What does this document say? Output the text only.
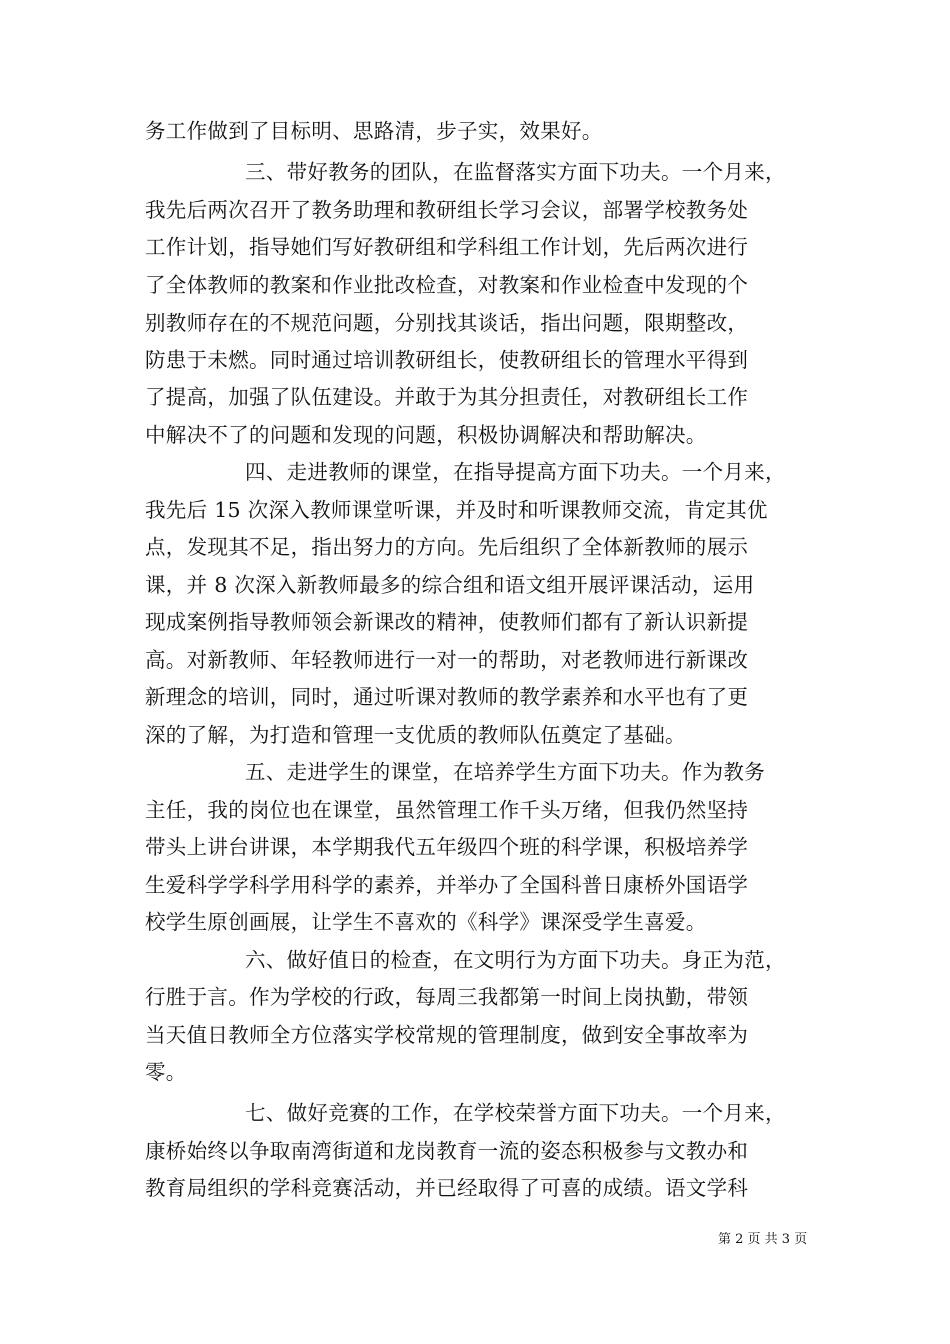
务工作做到了目标明、思路清，步子实，效果好。
三、带好教务的团队，在监督落实方面下功夫。一个月来，
我先后两次召开了教务助理和教研组长学习会议，部署学校教务处
工作计划，指导她们写好教研组和学科组工作计划，先后两次进行
了全体教师的教案和作业批改检查，对教案和作业检查中发现的个
别教师存在的不规范问题，分别找其谈话，指出问题，限期整改，
防患于未燃。同时通过培训教研组长，使教研组长的管理水平得到
了提高，加强了队伍建设。并敢于为其分担责任，对教研组长工作
中解决不了的问题和发现的问题，积极协调解决和帮助解决。
四、走进教师的课堂，在指导提高方面下功夫。一个月来，
我先后 15 次深入教师课堂听课，并及时和听课教师交流，肯定其优
点，发现其不足，指出努力的方向。先后组织了全体新教师的展示
课，并 8 次深入新教师最多的综合组和语文组开展评课活动，运用
现成案例指导教师领会新课改的精神，使教师们都有了新认识新提
高。对新教师、年轻教师进行一对一的帮助，对老教师进行新课改
新理念的培训，同时，通过听课对教师的教学素养和水平也有了更
深的了解，为打造和管理一支优质的教师队伍奠定了基础。
五、走进学生的课堂，在培养学生方面下功夫。作为教务
主任，我的岗位也在课堂，虽然管理工作千头万绪，但我仍然坚持
带头上讲台讲课，本学期我代五年级四个班的科学课，积极培养学
生爱科学学科学用科学的素养，并举办了全国科普日康桥外国语学
校学生原创画展，让学生不喜欢的《科学》课深受学生喜爱。
六、做好值日的检查，在文明行为方面下功夫。身正为范，
行胜于言。作为学校的行政，每周三我都第一时间上岗执勤，带领
当天值日教师全方位落实学校常规的管理制度，做到安全事故率为
零。
七、做好竞赛的工作，在学校荣誉方面下功夫。一个月来，
康桥始终以争取南湾街道和龙岗教育一流的姿态积极参与文教办和
教育局组织的学科竞赛活动，并已经取得了可喜的成绩。语文学科
第 2 页 共 3 页
